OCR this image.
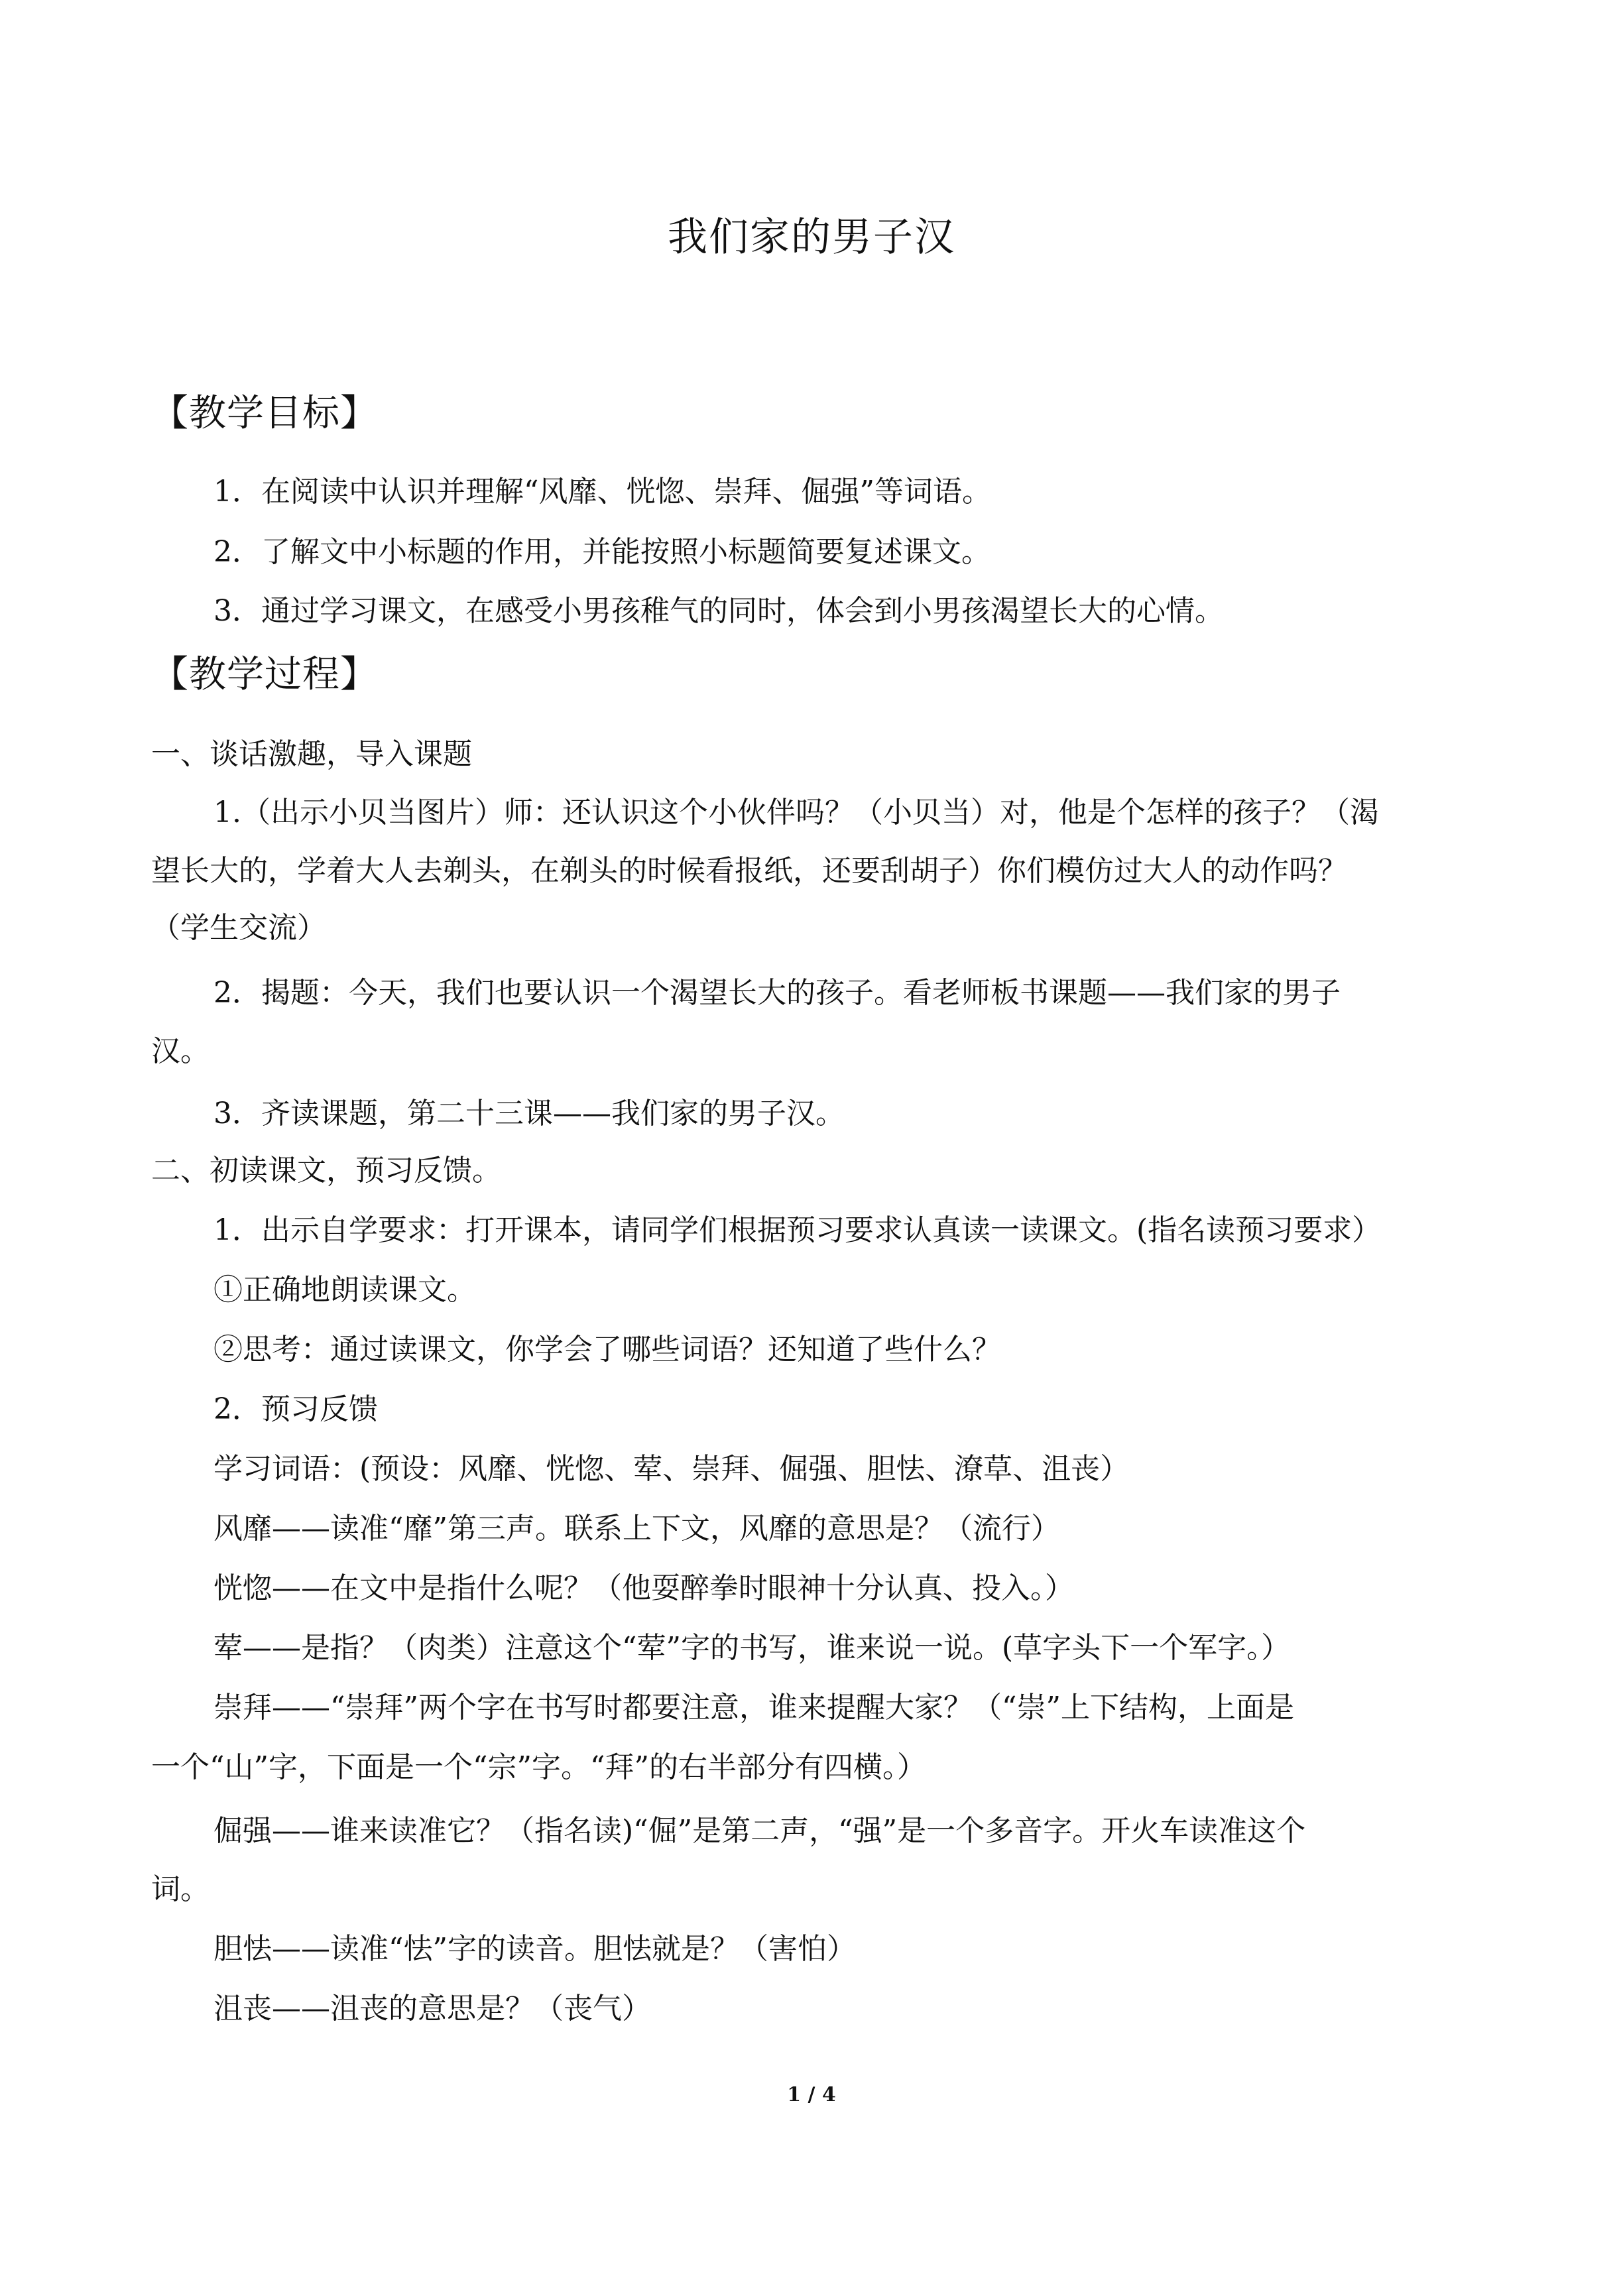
我们家的男子汉
【教学目标】
1．在阅读中认识并理解“风靡、恍惚、崇拜、倔强”等词语。
2．了解文中小标题的作用，并能按照小标题简要复述课文。
3．通过学习课文，在感受小男孩稚气的同时，体会到小男孩渴望长大的心情。
【教学过程】
一、谈话激趣，导入课题
1.（出示小贝当图片）师：还认识这个小伙伴吗？（小贝当）对，他是个怎样的孩子？（渴
望长大的，学着大人去剃头，在剃头的时候看报纸，还要刮胡子）你们模仿过大人的动作吗？
（学生交流）
2．揭题：今天，我们也要认识一个渴望长大的孩子。看老师板书课题——我们家的男子
汉。
3．齐读课题，第二十三课——我们家的男子汉。
二、初读课文，预习反馈。
1．出示自学要求：打开课本，请同学们根据预习要求认真读一读课文。(指名读预习要求）
①正确地朗读课文。
②思考：通过读课文，你学会了哪些词语？还知道了些什么？
2．预习反馈
学习词语：(预设：风靡、恍惚、荤、崇拜、倔强、胆怯、潦草、沮丧）
风靡——读准“靡”第三声。联系上下文，风靡的意思是？（流行）
恍惚——在文中是指什么呢？（他耍醉拳时眼神十分认真、投入。）
荤——是指？（肉类）注意这个“荤”字的书写，谁来说一说。(草字头下一个军字。）
崇拜——“崇拜”两个字在书写时都要注意，谁来提醒大家？（“崇”上下结构，上面是
一个“山”字，下面是一个“宗”字。“拜”的右半部分有四横。）
倔强——谁来读准它？（指名读)“倔”是第二声，“强”是一个多音字。开火车读准这个
词。
胆怯——读准“怯”字的读音。胆怯就是？（害怕）
沮丧——沮丧的意思是？（丧气）
1 / 4
